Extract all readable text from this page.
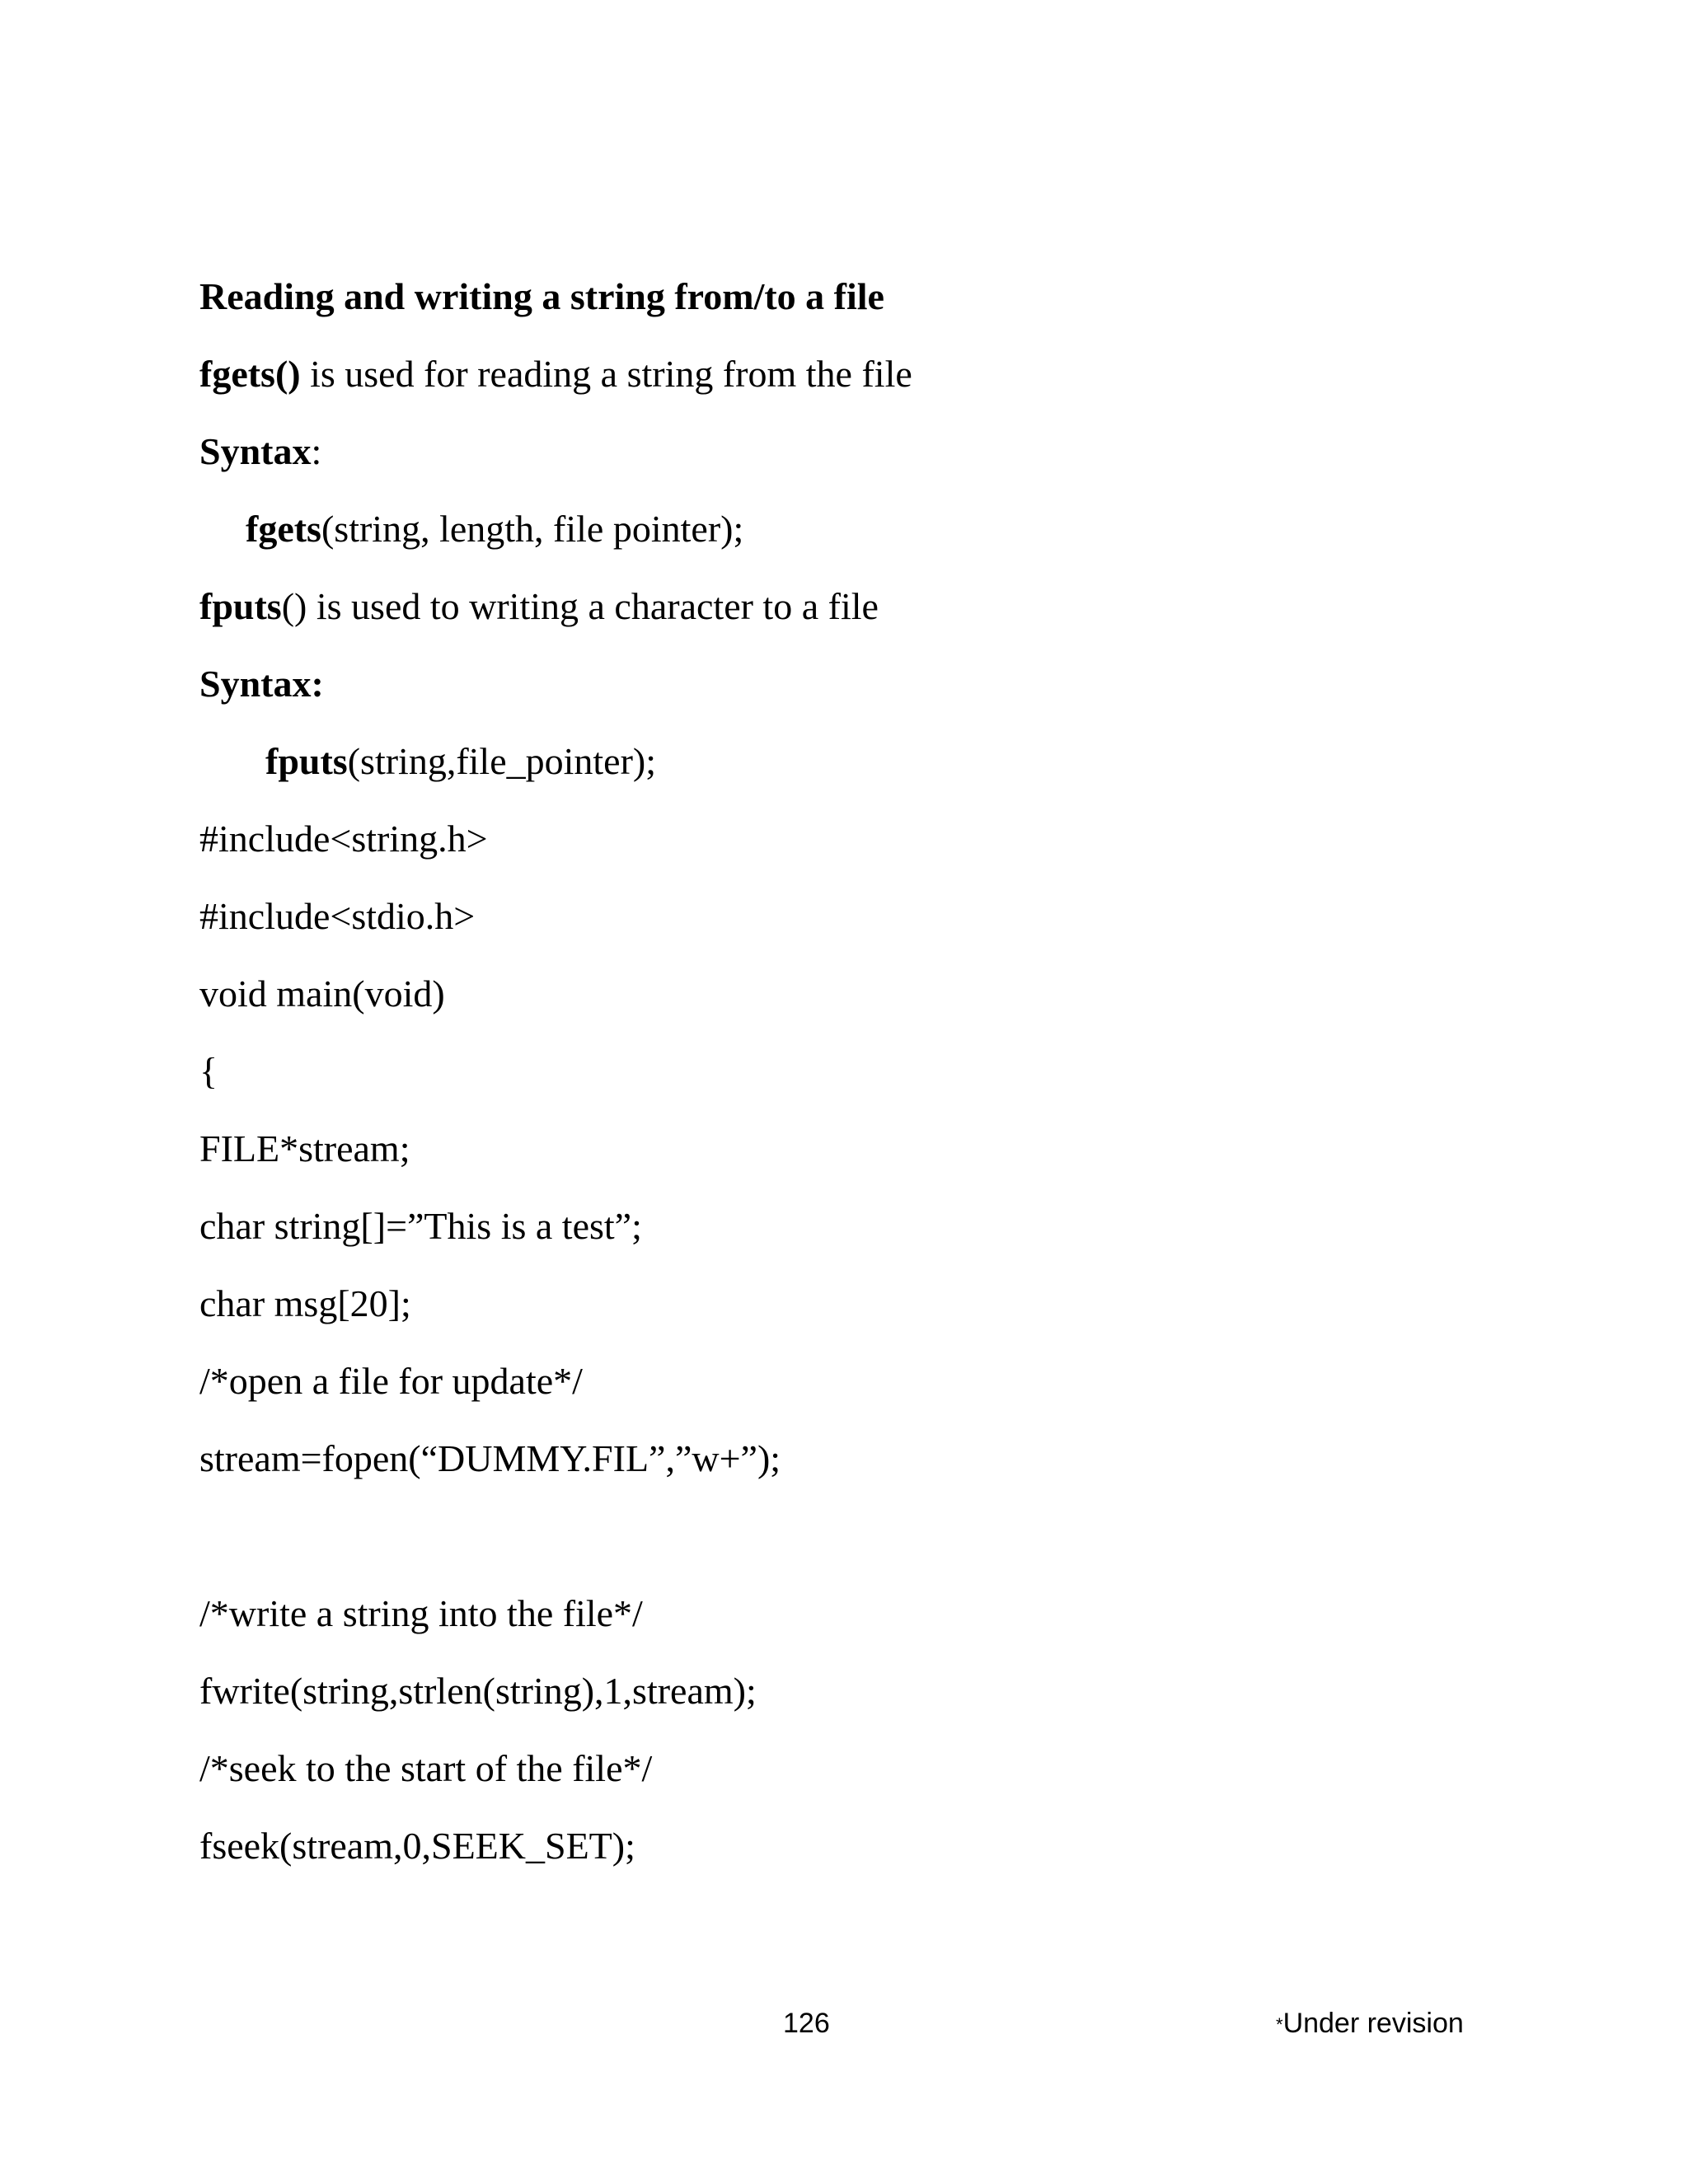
Reading and writing a string from/to a file
fgets() is used for reading a string from the file
Syntax:
fgets(string, length, file pointer);
fputs() is used to writing a character to a file
Syntax:
fputs(string,file_pointer);
#include<string.h>
#include<stdio.h>
void main(void)
{
FILE*stream;
char string[]=”This is a test”;
char msg[20];
/*open a file for update*/
stream=fopen(“DUMMY.FIL”,”w+”);
/*write a string into the file*/
fwrite(string,strlen(string),1,stream);
/*seek to the start of the file*/
fseek(stream,0,SEEK_SET);
126	*Under revision
